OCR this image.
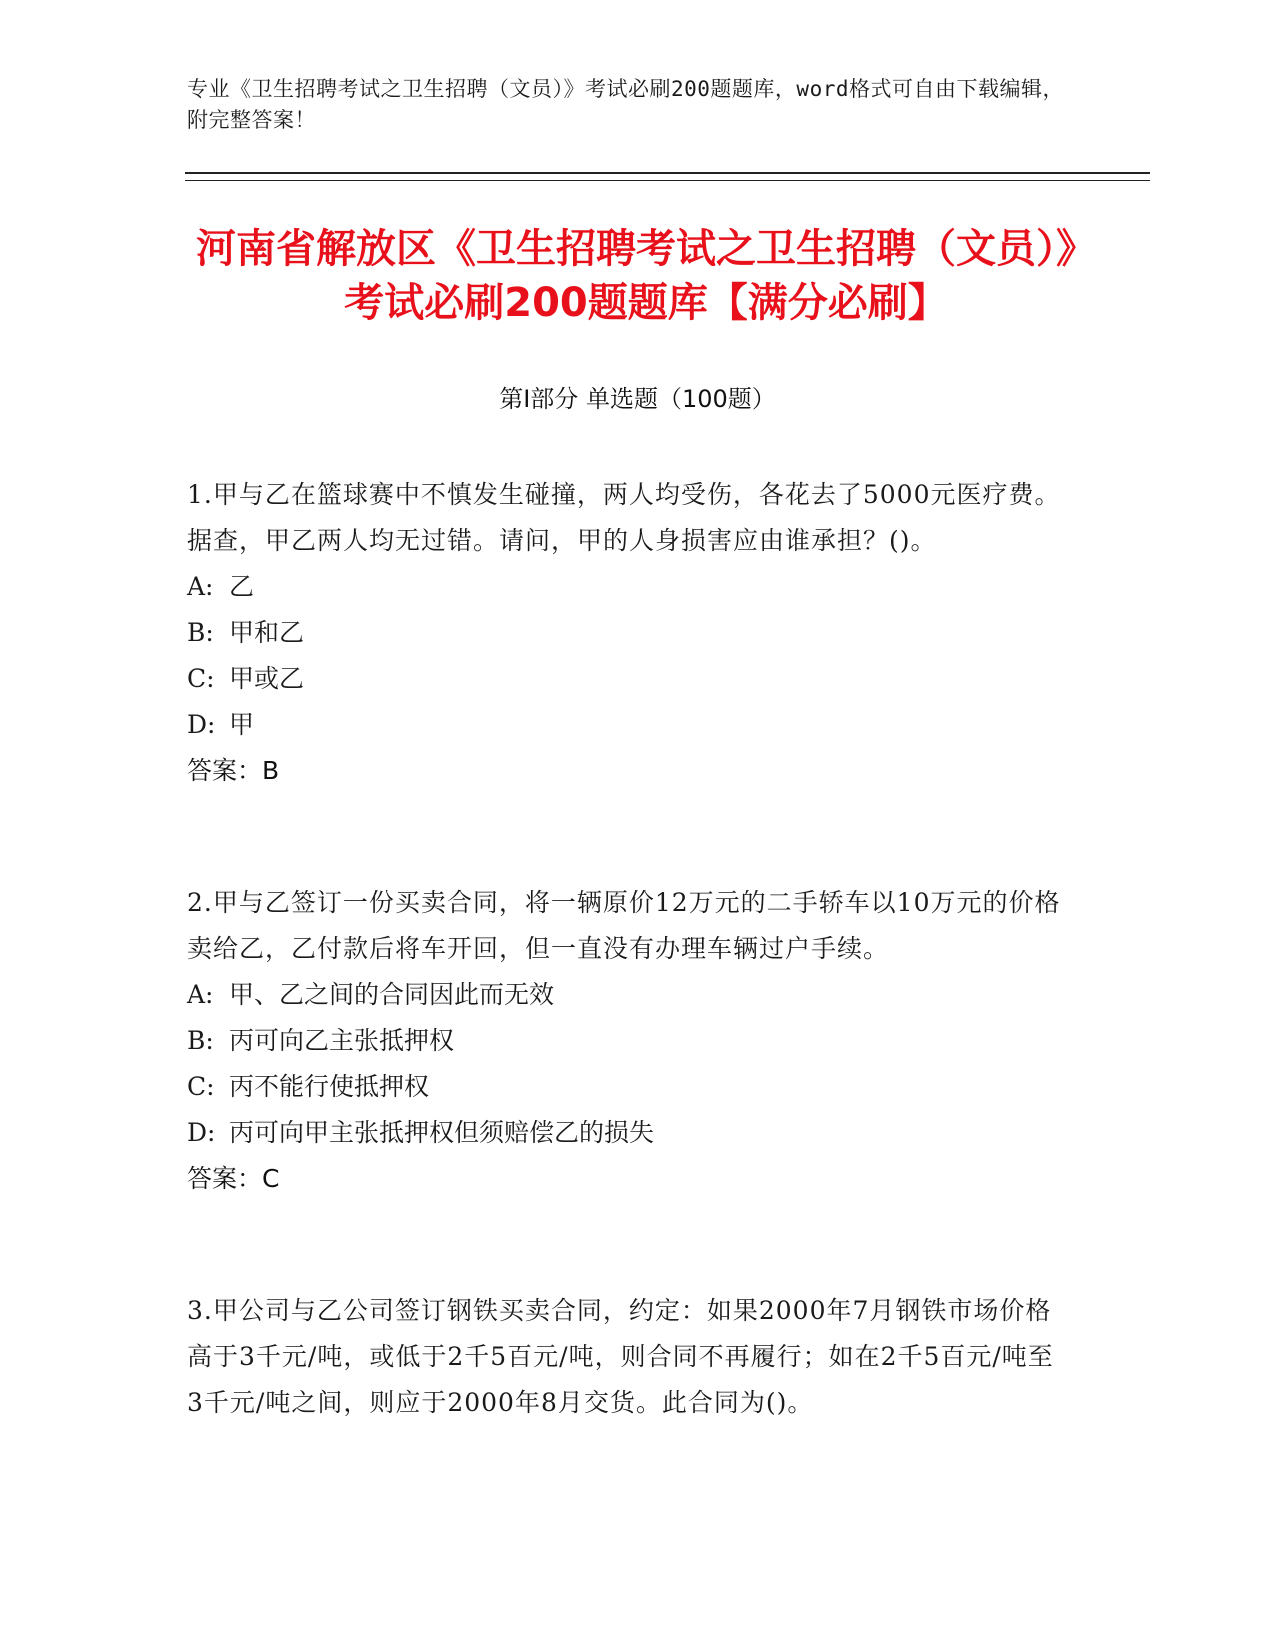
专业《卫生招聘考试之卫生招聘（文员）》考试必刷200题题库，word格式可自由下载编辑，附完整答案！
河南省解放区《卫生招聘考试之卫生招聘（文员）》考试必刷200题题库【满分必刷】
第Ⅰ部分 单选题（100题）
1.甲与乙在篮球赛中不慎发生碰撞，两人均受伤，各花去了5000元医疗费。据查，甲乙两人均无过错。请问，甲的人身损害应由谁承担？()。
A: 乙
B: 甲和乙
C: 甲或乙
D: 甲
答案：B
2.甲与乙签订一份买卖合同，将一辆原价12万元的二手轿车以10万元的价格卖给乙，乙付款后将车开回，但一直没有办理车辆过户手续。
A: 甲、乙之间的合同因此而无效
B: 丙可向乙主张抵押权
C: 丙不能行使抵押权
D: 丙可向甲主张抵押权但须赔偿乙的损失
答案：C
3.甲公司与乙公司签订钢铁买卖合同，约定：如果2000年7月钢铁市场价格高于3千元/吨，或低于2千5百元/吨，则合同不再履行；如在2千5百元/吨至3千元/吨之间，则应于2000年8月交货。此合同为()。
